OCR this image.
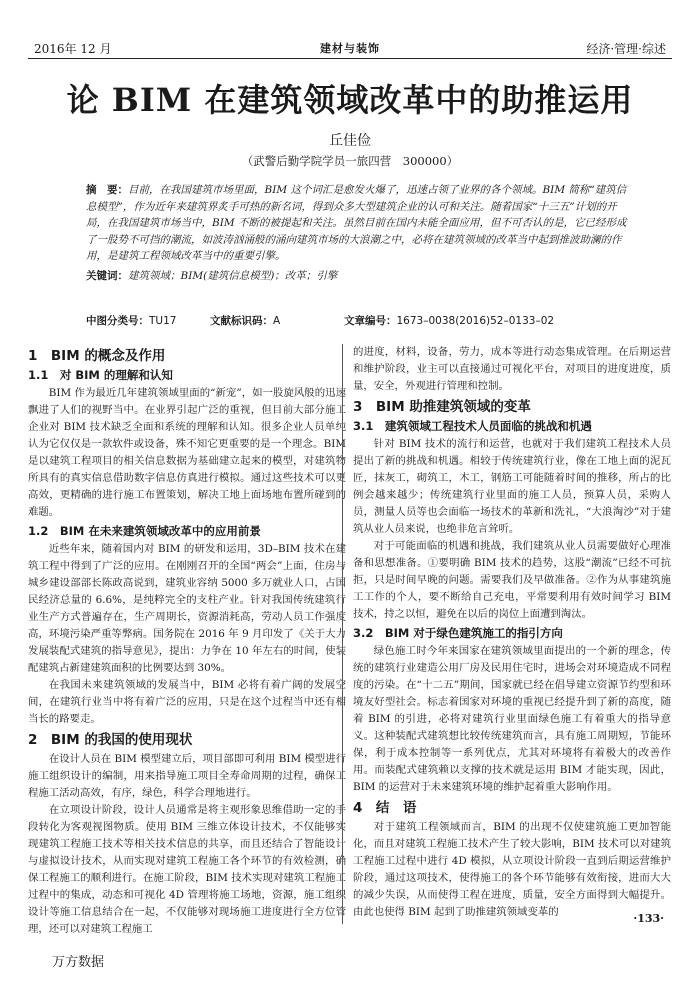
2016年 12 月	建材与装饰	经济·管理·综述
论 BIM 在建筑领域改革中的助推运用
丘佳俭
（武警后勤学院学员一旅四营　300000）

摘　要：目前，在我国建筑市场里面，BIM 这个词汇是愈发火爆了，迅速占领了业界的各个领域。BIM 简称“建筑信息模型”，作为近年来建筑界炙手可热的新名词，得到众多大型建筑企业的认可和关注。随着国家“十三五”计划的开局，在我国建筑市场当中，BIM 不断的被提起和关注。虽然目前在国内未能全面应用，但不可否认的是，它已经形成了一股势不可挡的潮流，如波涛汹涌般的涌向建筑市场的大浪潮之中，必将在建筑领域的改革当中起到推波助澜的作用，是建筑工程领域改革当中的重要引擎。

关键词：建筑领域；BIM(建筑信息模型)；改革；引擎

中图分类号：TU17	文献标识码：A	文章编号：1673–0038(2016)52–0133–02
1　BIM 的概念及作用
1.1　对 BIM 的理解和认知

BIM 作为最近几年建筑领域里面的“新宠”，如一股旋风般的迅速飘进了人们的视野当中。在业界引起广泛的重视，但目前大部分施工企业对 BIM 技术缺乏全面和系统的理解和认知。很多企业人员单纯认为它仅仅是一款软件或设备，殊不知它更重要的是一个理念。BIM 是以建筑工程项目的相关信息数据为基础建立起来的模型，对建筑物所具有的真实信息借助数字信息仿真进行模拟。通过这些技术可以更高效，更精确的进行施工布置策划，解决工地上面场地布置所碰到的难题。

1.2　BIM 在未来建筑领域改革中的应用前景

近些年来，随着国内对 BIM 的研发和运用，3D–BIM 技术在建筑工程中得到了广泛的应用。在刚刚召开的全国“两会”上面，住房与城乡建设部部长陈政高说到，建筑业容纳 5000 多万就业人口，占国民经济总量的 6.6%，是纯粹完全的支柱产业。针对我国传统建筑行业生产方式普遍存在，生产周期长，资源消耗高，劳动人员工作强度高，环境污染严重等弊病。国务院在 2016 年 9 月印发了《关于大力发展装配式建筑的指导意见》，提出：力争在 10 年左右的时间，使装配建筑占新建建筑面积的比例要达到 30%。

在我国未来建筑领域的发展当中，BIM 必将有着广阔的发展空间，在建筑行业当中将有着广泛的应用，只是在这个过程当中还有相当长的路要走。

2　BIM 的我国的使用现状

在设计人员在 BIM 模型建立后，项目部即可利用 BIM 模型进行施工组织设计的编制，用来指导施工项目全寿命周期的过程，确保工程施工活动高效，有序，绿色，科学合理地进行。

在立项设计阶段，设计人员通常是将主观形象思维借助一定的手段转化为客观视图物质。使用 BIM 三维立体设计技术，不仅能够实现建筑工程施工技术等相关技术信息的共享，而且还结合了智能设计与虚拟设计技术，从而实现对建筑工程施工各个环节的有效检测，确保工程施工的顺利进行。在施工阶段，BIM 技术实现对建筑工程施工过程中的集成，动态和可视化 4D 管理将施工场地，资源，施工组织设计等施工信息结合在一起，不仅能够对现场施工进度进行全方位管理，还可以对建筑工程施工

的进度，材料，设备，劳力，成本等进行动态集成管理。在后期运营和维护阶段，业主可以直接通过可视化平台，对项目的进度进度，质量，安全，外观进行管理和控制。

3　BIM 助推建筑领域的变革
3.1　建筑领域工程技术人员面临的挑战和机遇

针对 BIM 技术的流行和运营，也就对于我们建筑工程技术人员提出了新的挑战和机遇。相较于传统建筑行业，像在工地上面的泥瓦匠，抹灰工，砌筑工，木工，钢筋工可能随着时间的推移，所占的比例会越来越少；传统建筑行业里面的施工人员，预算人员，采购人员，测量人员等也会面临一场技术的革新和洗礼，“大浪淘沙”对于建筑从业人员来说，也绝非危言耸听。

对于可能面临的机遇和挑战，我们建筑从业人员需要做好心理准备和思想准备。①要明确 BIM 技术的趋势，这股“潮流”已经不可抗拒，只是时间早晚的问题。需要我们及早做准备。②作为从事建筑施工工作的个人，要不断给自己充电，平常要利用有效时间学习 BIM 技术，持之以恒，避免在以后的岗位上面遭到淘汰。

3.2　BIM 对于绿色建筑施工的指引方向

绿色施工时今年来国家在建筑领域里面提出的一个新的理念，传统的建筑行业建造公用厂房及民用住宅时，进场会对环境造成不同程度的污染。在“十二五”期间，国家就已经在倡导建立资源节约型和环境友好型社会。标志着国家对环境的重视已经提升到了新的高度，随着 BIM 的引进，必将对建筑行业里面绿色施工有着重大的指导意义。这种装配式建筑想比较传统建筑而言，具有施工周期短，节能环保，利于成本控制等一系列优点，尤其对环境将有着极大的改善作用。而装配式建筑赖以支撑的技术就是运用 BIM 才能实现，因此，BIM 的运营对于未来建筑环境的维护起着重大影响作用。

4　结　语

对于建筑工程领域而言，BIM 的出现不仅使建筑施工更加智能化，而且对建筑工程施工技术产生了较大影响，BIM 技术可以对建筑工程施工过程中进行 4D 模拟，从立项设计阶段一直到后期运营维护阶段，通过这项技术，使得施工的各个环节能够有效衔接，进而大大的减少失误，从而使得工程在进度，质量，安全方面得到大幅提升。由此也使得 BIM 起到了助推建筑领域变革的	·133·
万方数据
